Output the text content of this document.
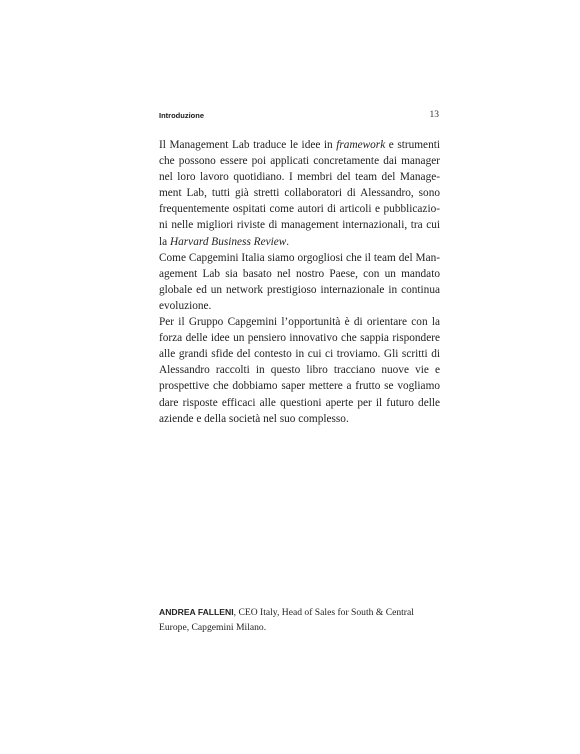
Introduzione	13

Il Management Lab traduce le idee in framework e strumenti che possono essere poi applicati concretamente dai manager nel loro lavoro quotidiano. I membri del team del Management Lab, tutti già stretti collaboratori di Alessandro, sono frequentemente ospitati come autori di articoli e pubblicazioni nelle migliori riviste di management internazionali, tra cui la Harvard Business Review.

Come Capgemini Italia siamo orgogliosi che il team del Management Lab sia basato nel nostro Paese, con un mandato globale ed un network prestigioso internazionale in continua evoluzione.

Per il Gruppo Capgemini l’opportunità è di orientare con la forza delle idee un pensiero innovativo che sappia rispondere alle grandi sfide del contesto in cui ci troviamo. Gli scritti di Alessandro raccolti in questo libro tracciano nuove vie e prospettive che dobbiamo saper mettere a frutto se vogliamo dare risposte efficaci alle questioni aperte per il futuro delle aziende e della società nel suo complesso.

ANDREA FALLENI, CEO Italy, Head of Sales for South & Central Europe, Capgemini Milano.
